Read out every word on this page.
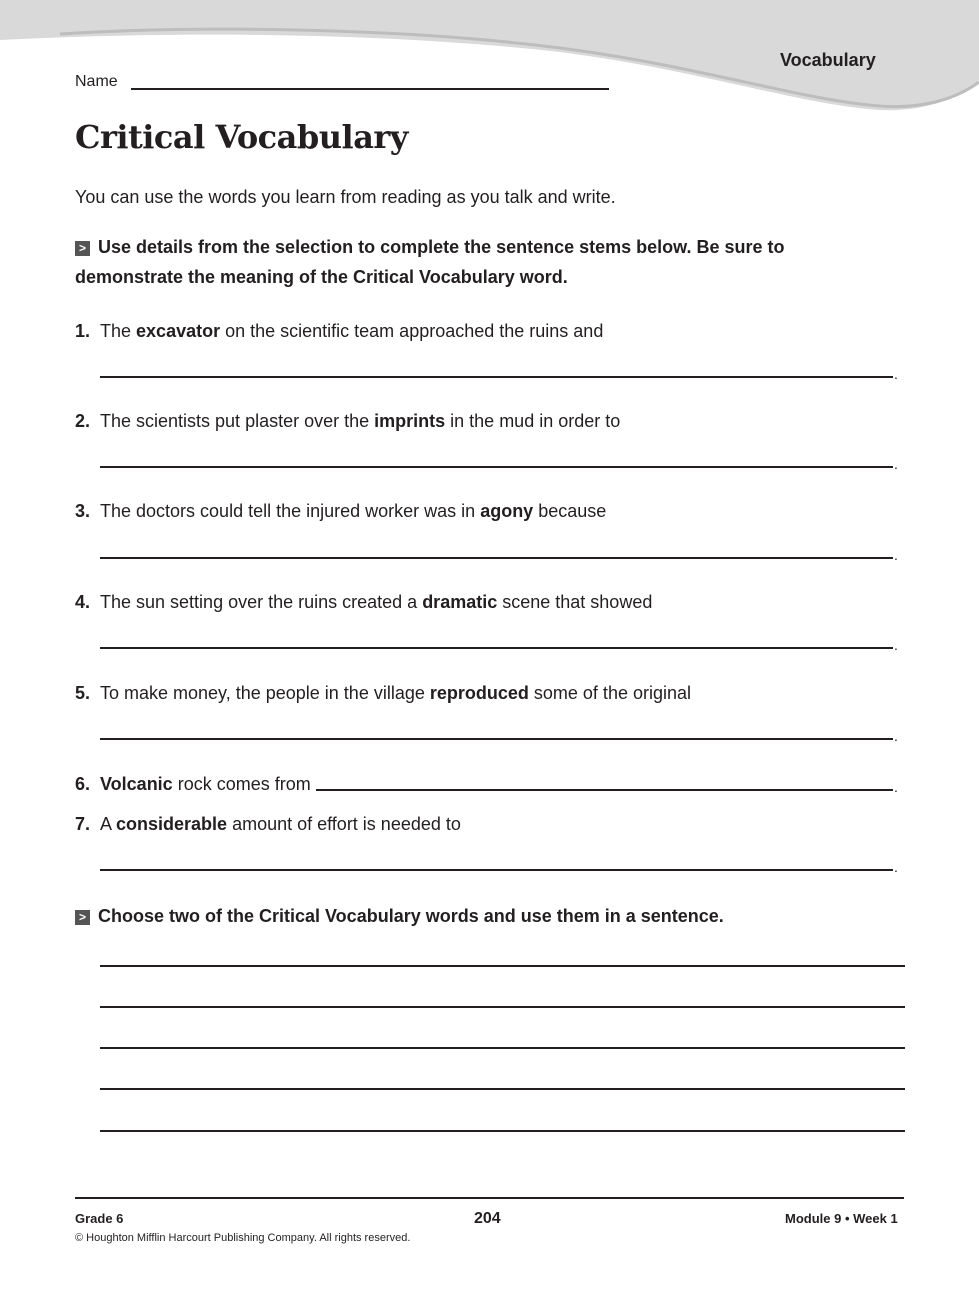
Vocabulary
Name
Critical Vocabulary
You can use the words you learn from reading as you talk and write.
> Use details from the selection to complete the sentence stems below. Be sure to demonstrate the meaning of the Critical Vocabulary word.
1. The excavator on the scientific team approached the ruins and
.
2. The scientists put plaster over the imprints in the mud in order to
.
3. The doctors could tell the injured worker was in agony because
.
4. The sun setting over the ruins created a dramatic scene that showed
.
5. To make money, the people in the village reproduced some of the original
.
6. Volcanic rock comes from	.
7. A considerable amount of effort is needed to
.
> Choose two of the Critical Vocabulary words and use them in a sentence.
Grade 6	204	Module 9 • Week 1
© Houghton Mifflin Harcourt Publishing Company. All rights reserved.
